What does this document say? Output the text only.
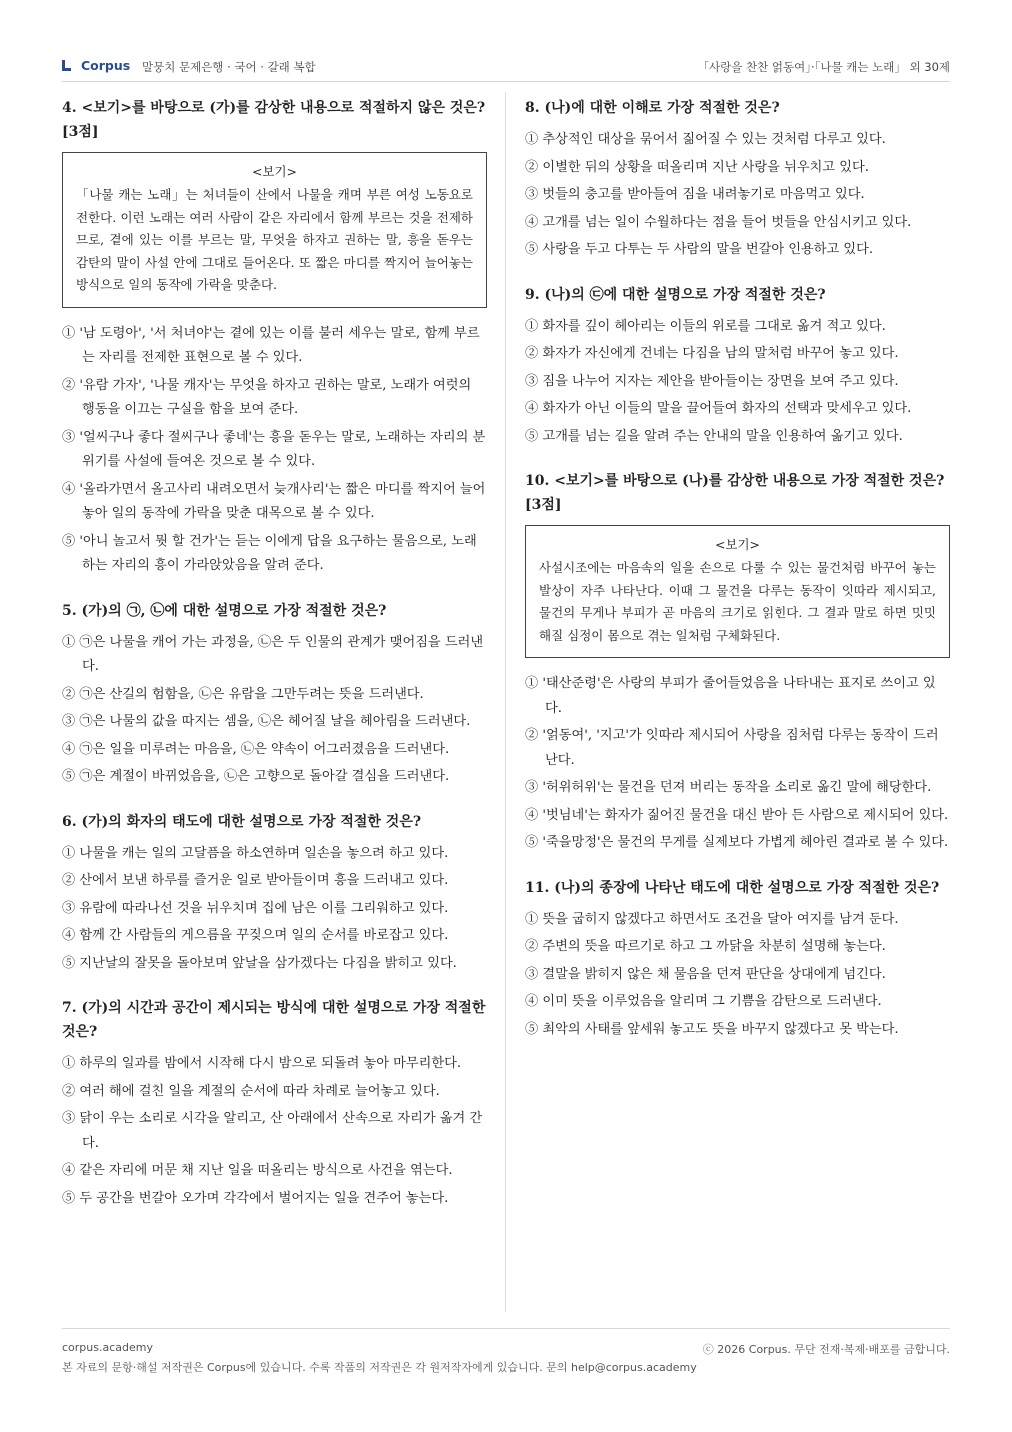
Corpus 말뭉치 문제은행 · 국어 · 갈래 복합	「사랑을 찬찬 얽동여」·「나물 캐는 노래」 외 30제

4. <보기>를 바탕으로 (가)를 감상한 내용으로 적절하지 않은 것은? [3점]

<보기>
「나물 캐는 노래」는 처녀들이 산에서 나물을 캐며 부른 여성 노동요로 전한다. 이런 노래는 여러 사람이 같은 자리에서 함께 부르는 것을 전제하므로, 곁에 있는 이를 부르는 말, 무엇을 하자고 권하는 말, 흥을 돋우는 감탄의 말이 사설 안에 그대로 들어온다. 또 짧은 마디를 짝지어 늘어놓는 방식으로 일의 동작에 가락을 맞춘다.

① '남 도령아', '서 처녀야'는 곁에 있는 이를 불러 세우는 말로, 함께 부르는 자리를 전제한 표현으로 볼 수 있다.

② '유람 가자', '나물 캐자'는 무엇을 하자고 권하는 말로, 노래가 여럿의 행동을 이끄는 구실을 함을 보여 준다.

③ '얼씨구나 좋다 절씨구나 좋네'는 흥을 돋우는 말로, 노래하는 자리의 분위기를 사설에 들여온 것으로 볼 수 있다.

④ '올라가면서 올고사리 내려오면서 늦개사리'는 짧은 마디를 짝지어 늘어놓아 일의 동작에 가락을 맞춘 대목으로 볼 수 있다.

⑤ '아니 놀고서 뭣 할 건가'는 듣는 이에게 답을 요구하는 물음으로, 노래하는 자리의 흥이 가라앉았음을 알려 준다.

5. (가)의 ㉠, ㉡에 대한 설명으로 가장 적절한 것은?

① ㉠은 나물을 캐어 가는 과정을, ㉡은 두 인물의 관계가 맺어짐을 드러낸다.

② ㉠은 산길의 험함을, ㉡은 유람을 그만두려는 뜻을 드러낸다.

③ ㉠은 나물의 값을 따지는 셈을, ㉡은 헤어질 날을 헤아림을 드러낸다.

④ ㉠은 일을 미루려는 마음을, ㉡은 약속이 어그러졌음을 드러낸다.

⑤ ㉠은 계절이 바뀌었음을, ㉡은 고향으로 돌아갈 결심을 드러낸다.

6. (가)의 화자의 태도에 대한 설명으로 가장 적절한 것은?

① 나물을 캐는 일의 고달픔을 하소연하며 일손을 놓으려 하고 있다.

② 산에서 보낸 하루를 즐거운 일로 받아들이며 흥을 드러내고 있다.

③ 유람에 따라나선 것을 뉘우치며 집에 남은 이를 그리워하고 있다.

④ 함께 간 사람들의 게으름을 꾸짖으며 일의 순서를 바로잡고 있다.

⑤ 지난날의 잘못을 돌아보며 앞날을 삼가겠다는 다짐을 밝히고 있다.

7. (가)의 시간과 공간이 제시되는 방식에 대한 설명으로 가장 적절한 것은?

① 하루의 일과를 밤에서 시작해 다시 밤으로 되돌려 놓아 마무리한다.

② 여러 해에 걸친 일을 계절의 순서에 따라 차례로 늘어놓고 있다.

③ 닭이 우는 소리로 시각을 알리고, 산 아래에서 산속으로 자리가 옮겨 간다.

④ 같은 자리에 머문 채 지난 일을 떠올리는 방식으로 사건을 엮는다.

⑤ 두 공간을 번갈아 오가며 각각에서 벌어지는 일을 견주어 놓는다.

8. (나)에 대한 이해로 가장 적절한 것은?

① 추상적인 대상을 묶어서 짊어질 수 있는 것처럼 다루고 있다.

② 이별한 뒤의 상황을 떠올리며 지난 사랑을 뉘우치고 있다.

③ 벗들의 충고를 받아들여 짐을 내려놓기로 마음먹고 있다.

④ 고개를 넘는 일이 수월하다는 점을 들어 벗들을 안심시키고 있다.

⑤ 사랑을 두고 다투는 두 사람의 말을 번갈아 인용하고 있다.

9. (나)의 ㉢에 대한 설명으로 가장 적절한 것은?

① 화자를 깊이 헤아리는 이들의 위로를 그대로 옮겨 적고 있다.

② 화자가 자신에게 건네는 다짐을 남의 말처럼 바꾸어 놓고 있다.

③ 짐을 나누어 지자는 제안을 받아들이는 장면을 보여 주고 있다.

④ 화자가 아닌 이들의 말을 끌어들여 화자의 선택과 맞세우고 있다.

⑤ 고개를 넘는 길을 알려 주는 안내의 말을 인용하여 옮기고 있다.

10. <보기>를 바탕으로 (나)를 감상한 내용으로 가장 적절한 것은? [3점]

<보기>
사설시조에는 마음속의 일을 손으로 다룰 수 있는 물건처럼 바꾸어 놓는 발상이 자주 나타난다. 이때 그 물건을 다루는 동작이 잇따라 제시되고, 물건의 무게나 부피가 곧 마음의 크기로 읽힌다. 그 결과 말로 하면 밋밋해질 심정이 몸으로 겪는 일처럼 구체화된다.

① '태산준령'은 사랑의 부피가 줄어들었음을 나타내는 표지로 쓰이고 있다.

② '얽동여', '지고'가 잇따라 제시되어 사랑을 짐처럼 다루는 동작이 드러난다.

③ '허위허위'는 물건을 던져 버리는 동작을 소리로 옮긴 말에 해당한다.

④ '벗님네'는 화자가 짊어진 물건을 대신 받아 든 사람으로 제시되어 있다.

⑤ '죽을망정'은 물건의 무게를 실제보다 가볍게 헤아린 결과로 볼 수 있다.

11. (나)의 종장에 나타난 태도에 대한 설명으로 가장 적절한 것은?

① 뜻을 굽히지 않겠다고 하면서도 조건을 달아 여지를 남겨 둔다.

② 주변의 뜻을 따르기로 하고 그 까닭을 차분히 설명해 놓는다.

③ 결말을 밝히지 않은 채 물음을 던져 판단을 상대에게 넘긴다.

④ 이미 뜻을 이루었음을 알리며 그 기쁨을 감탄으로 드러낸다.

⑤ 최악의 사태를 앞세워 놓고도 뜻을 바꾸지 않겠다고 못 박는다.

corpus.academy	ⓒ 2026 Corpus. 무단 전재·복제·배포를 금합니다.
본 자료의 문항·해설 저작권은 Corpus에 있습니다. 수록 작품의 저작권은 각 원저작자에게 있습니다. 문의 help@corpus.academy
